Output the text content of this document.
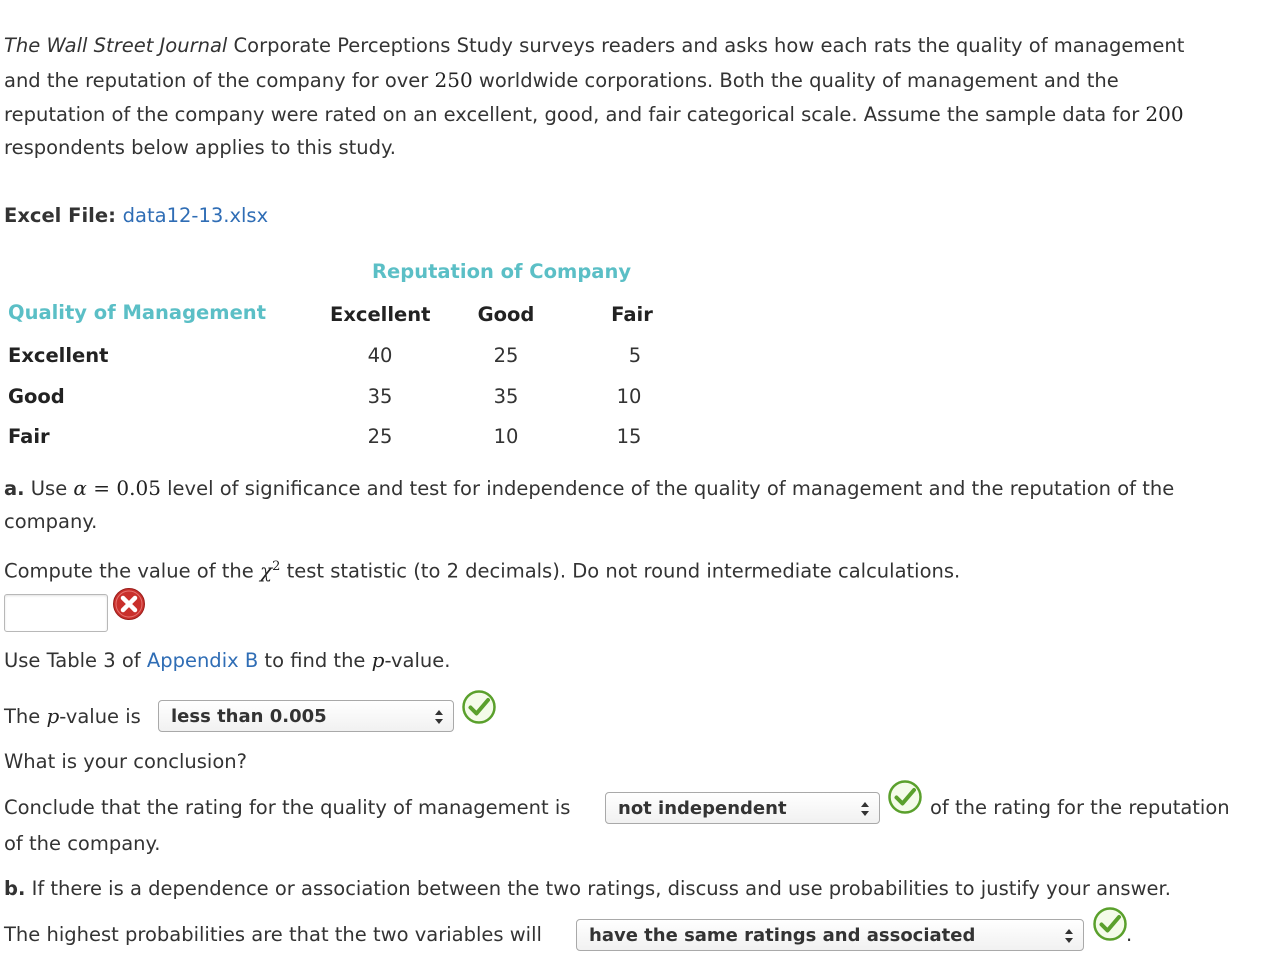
The Wall Street Journal Corporate Perceptions Study surveys readers and asks how each rats the quality of management
and the reputation of the company for over 250 worldwide corporations. Both the quality of management and the
reputation of the company were rated on an excellent, good, and fair categorical scale. Assume the sample data for 200
respondents below applies to this study.
Excel File: data12-13.xlsx
Reputation of Company
Quality of Management	Excellent	Good	Fair
Excellent	40	25	5
Good	35	35	10
Fair	25	10	15
a. Use α = 0.05 level of significance and test for independence of the quality of management and the reputation of the
company.
Compute the value of the $\chi^2$ test statistic (to 2 decimals). Do not round intermediate calculations.
Use Table 3 of Appendix B to find the p-value.
The p-value is	less than 0.005
What is your conclusion?
Conclude that the rating for the quality of management is	not independent	of the rating for the reputation
of the company.
b. If there is a dependence or association between the two ratings, discuss and use probabilities to justify your answer.
The highest probabilities are that the two variables will	have the same ratings and associated	.
